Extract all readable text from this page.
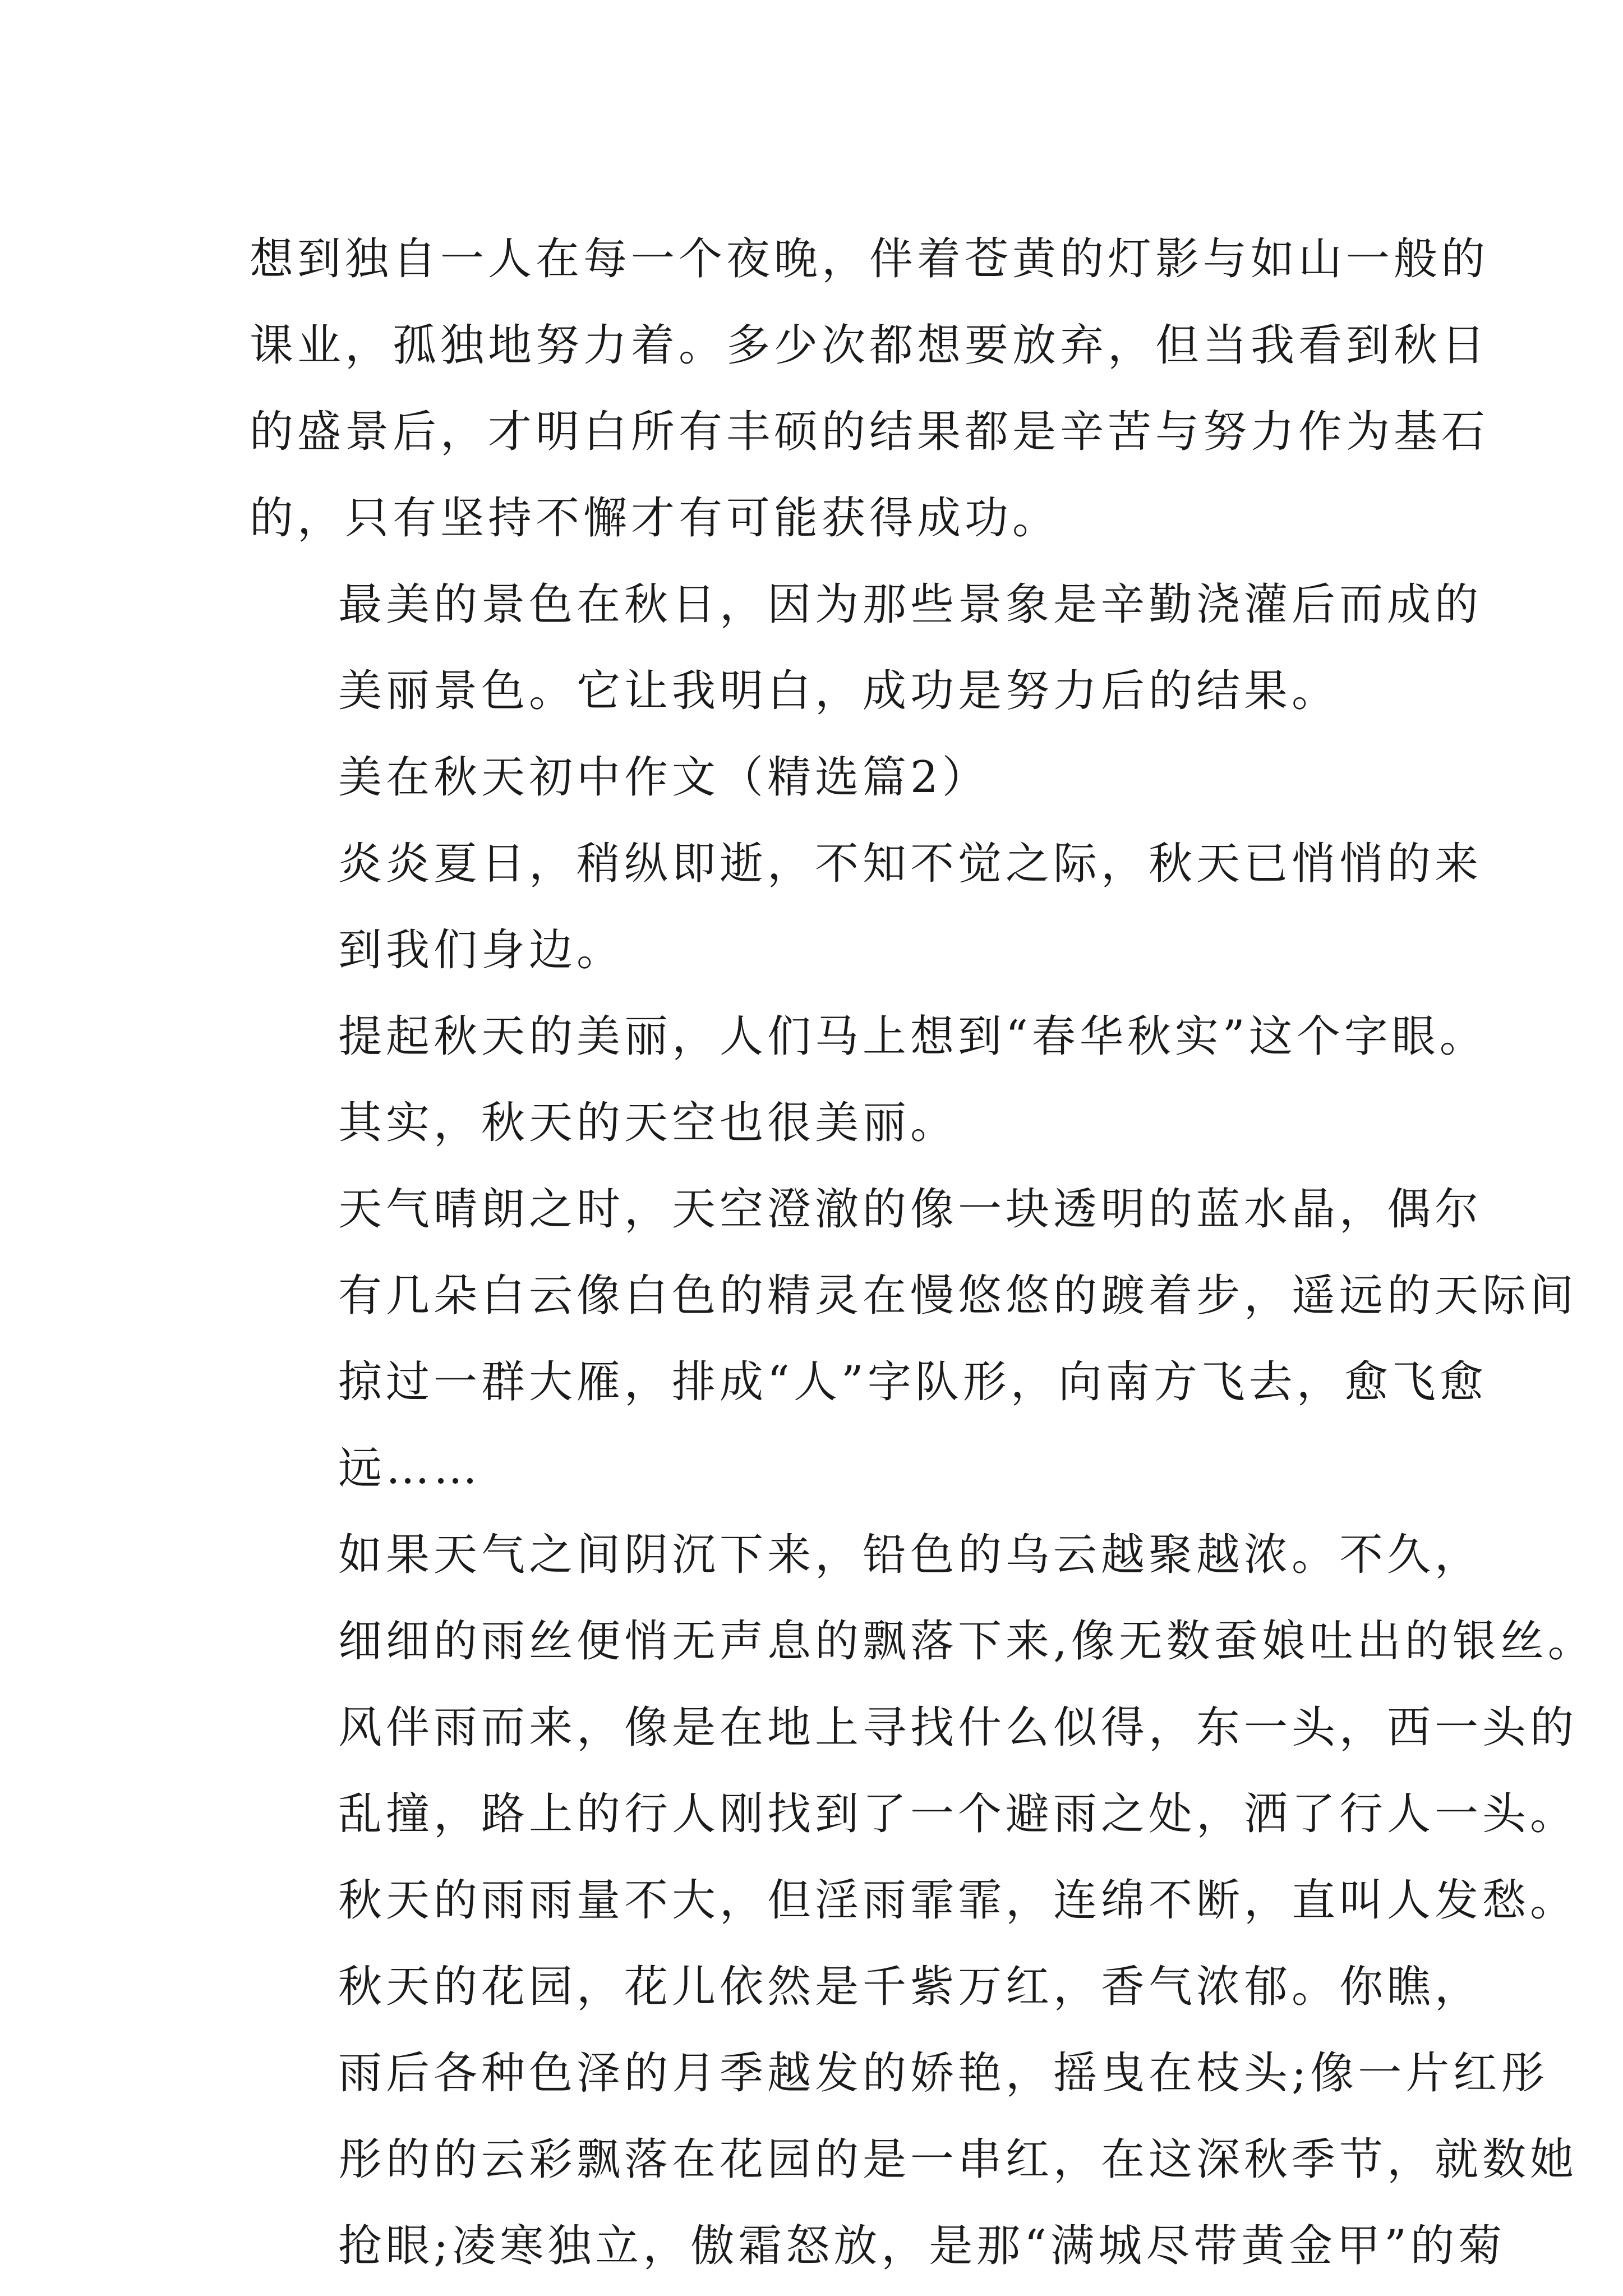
想到独自一人在每一个夜晚，伴着苍黄的灯影与如山一般的
课业，孤独地努力着。多少次都想要放弃，但当我看到秋日
的盛景后，才明白所有丰硕的结果都是辛苦与努力作为基石
的，只有坚持不懈才有可能获得成功。

最美的景色在秋日，因为那些景象是辛勤浇灌后而成的
美丽景色。它让我明白，成功是努力后的结果。

美在秋天初中作文（精选篇2）

炎炎夏日，稍纵即逝，不知不觉之际，秋天已悄悄的来
到我们身边。

提起秋天的美丽，人们马上想到“春华秋实”这个字眼。
其实，秋天的天空也很美丽。

天气晴朗之时，天空澄澈的像一块透明的蓝水晶，偶尔
有几朵白云像白色的精灵在慢悠悠的踱着步，遥远的天际间
掠过一群大雁，排成“人”字队形，向南方飞去，愈飞愈
远……

如果天气之间阴沉下来，铅色的乌云越聚越浓。不久，
细细的雨丝便悄无声息的飘落下来,像无数蚕娘吐出的银丝。
风伴雨而来，像是在地上寻找什么似得，东一头，西一头的
乱撞，路上的行人刚找到了一个避雨之处，洒了行人一头。
秋天的雨雨量不大，但淫雨霏霏，连绵不断，直叫人发愁。

秋天的花园，花儿依然是千紫万红，香气浓郁。你瞧，
雨后各种色泽的月季越发的娇艳，摇曳在枝头;像一片红彤
彤的的云彩飘落在花园的是一串红，在这深秋季节，就数她
抢眼;凌寒独立，傲霜怒放，是那“满城尽带黄金甲”的菊
